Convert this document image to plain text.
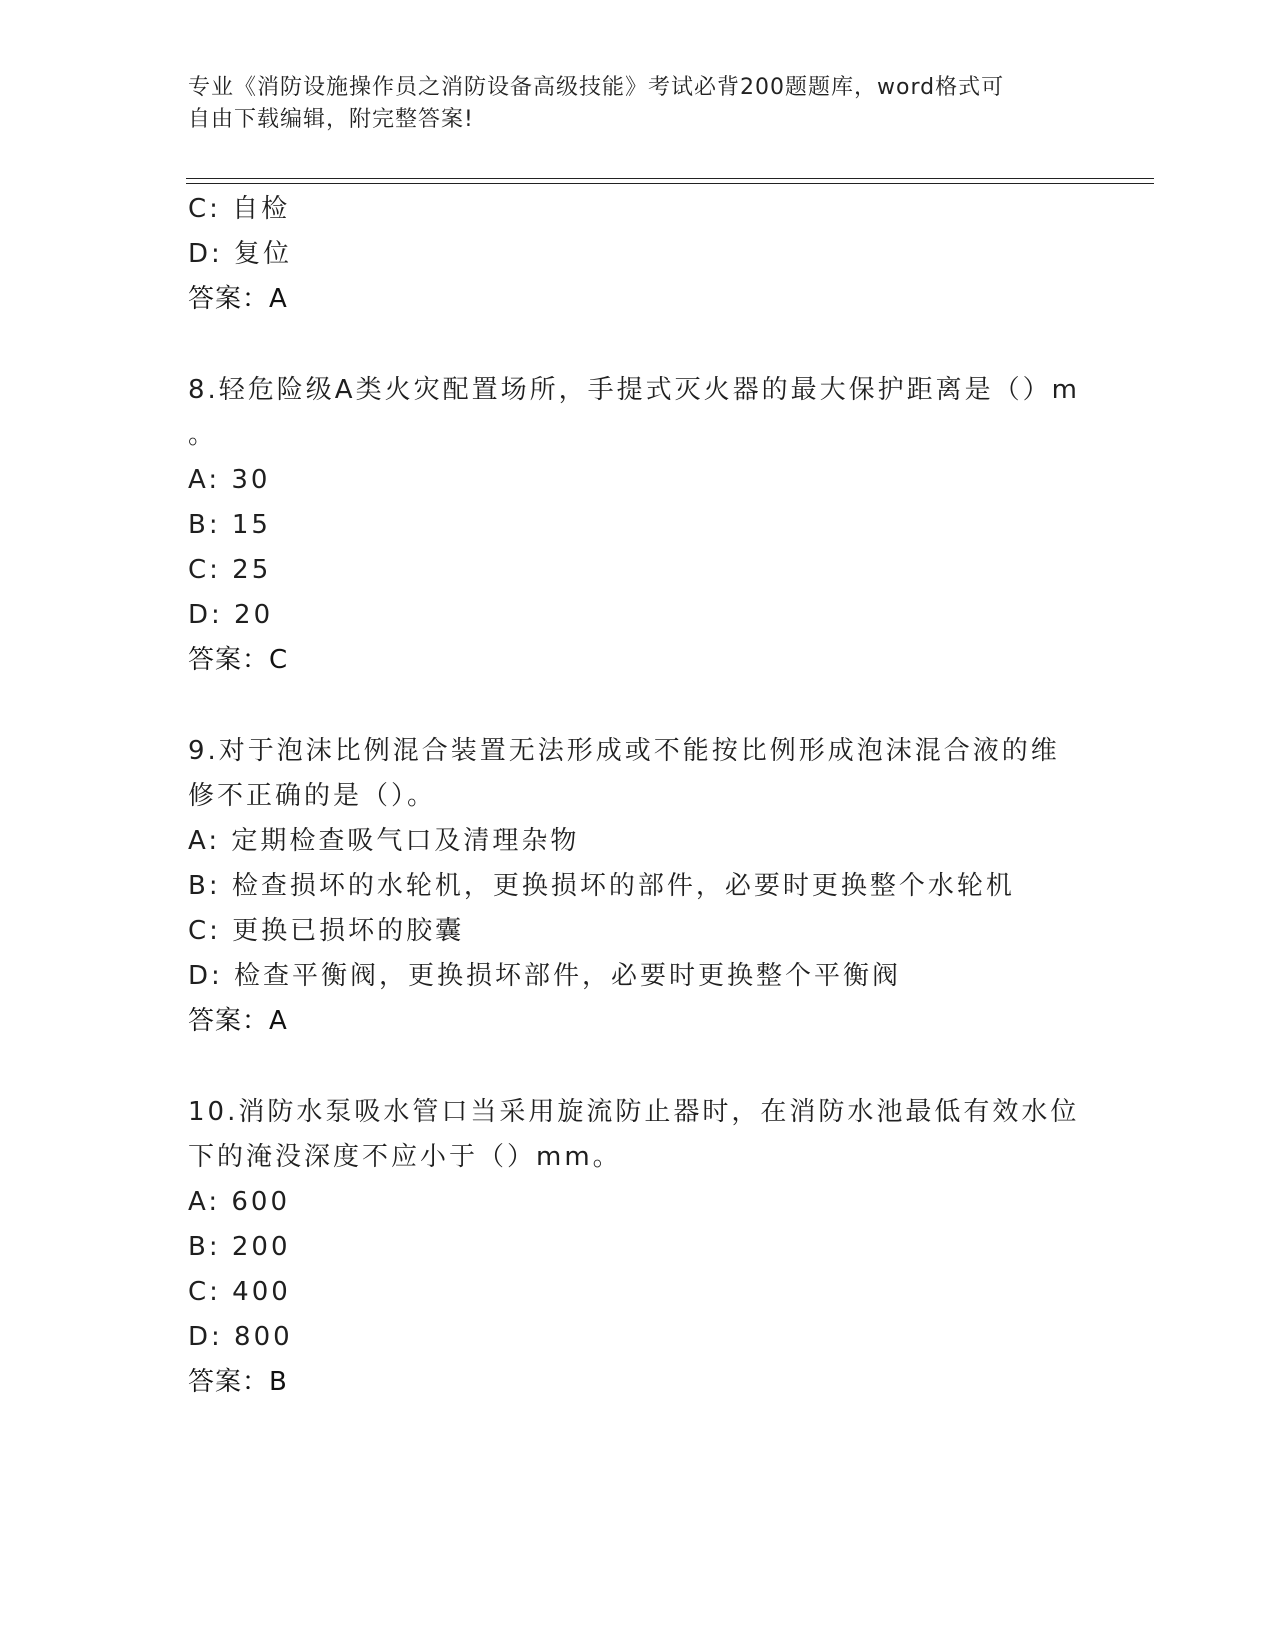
专业《消防设施操作员之消防设备高级技能》考试必背200题题库，word格式可
自由下载编辑，附完整答案!
C: 自检
D: 复位
答案：A
8.轻危险级A类火灾配置场所，手提式灭火器的最大保护距离是（）m
。
A: 30
B: 15
C: 25
D: 20
答案：C
9.对于泡沫比例混合装置无法形成或不能按比例形成泡沫混合液的维
修不正确的是（）。
A: 定期检查吸气口及清理杂物
B: 检查损坏的水轮机，更换损坏的部件，必要时更换整个水轮机
C: 更换已损坏的胶囊
D: 检查平衡阀，更换损坏部件，必要时更换整个平衡阀
答案：A
10.消防水泵吸水管口当采用旋流防止器时，在消防水池最低有效水位
下的淹没深度不应小于（）mm。
A: 600
B: 200
C: 400
D: 800
答案：B
